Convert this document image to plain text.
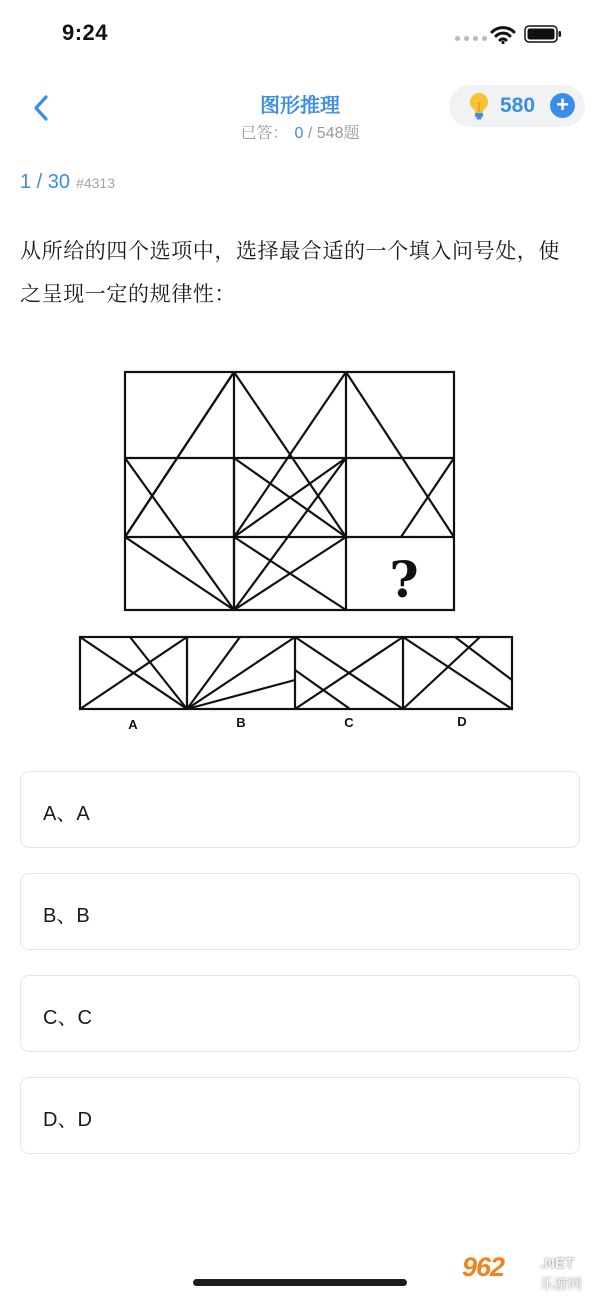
9:24
图形推理
已答： 0 / 548题
580 +
1 / 30 #4313
从所给的四个选项中，选择最合适的一个填入问号处，使之呈现一定的规律性：
?
A	B	C	D
A、A
B、B
C、C
D、D
962 .NET
乐游网
